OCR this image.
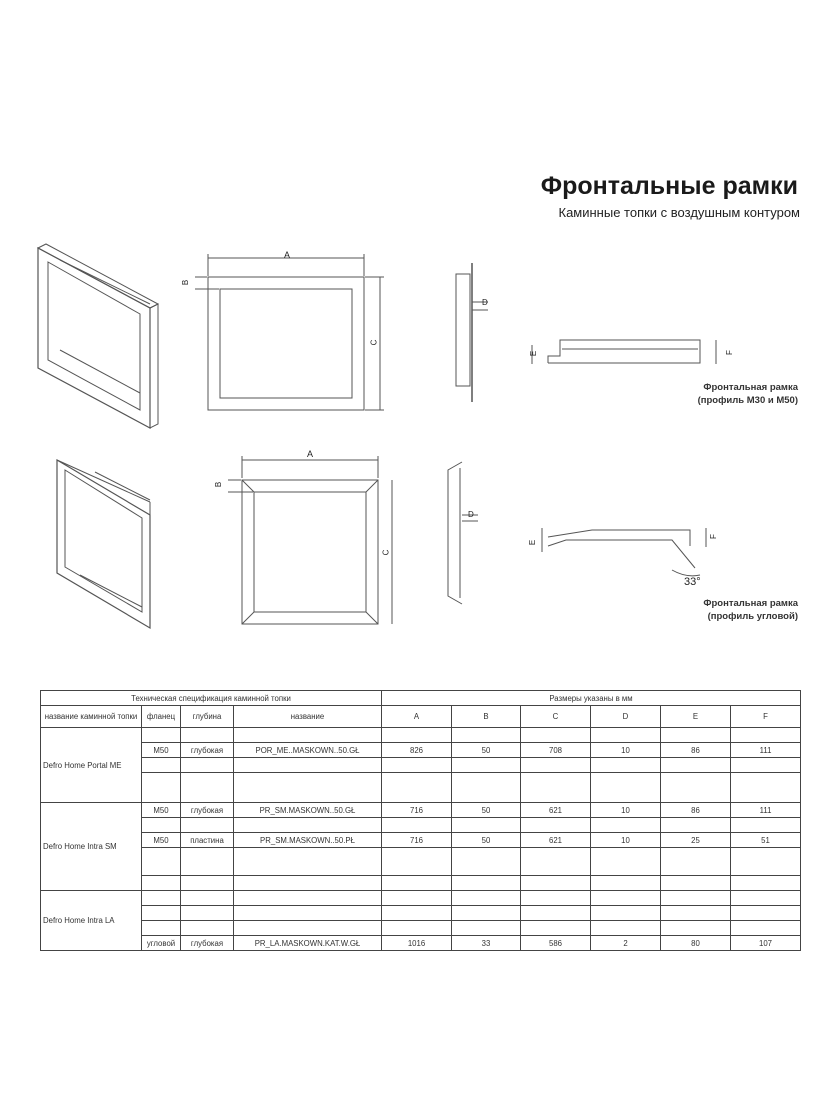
Фронтальные рамки
Каминные топки с воздушным контуром
A
B
C
D
E	F
A
B
C
D
E
F
33°
Фронтальная рамка
(профиль М30 и М50)
Фронтальная рамка
(профиль угловой)
Техническая спецификация каминной топки				Размеры указаны в мм					
название каминной топки	фланец	глубина	название	A	B	C	D	E	F
Defro Home Portal ME									
	M50	глубокая	POR_ME..MASKOWN..50.GŁ	826	50	708	10	86	111

Defro Home Intra SM	M50	глубокая	PR_SM.MASKOWN..50.GŁ	716	50	621	10	86	111

	M50	пластина	PR_SM.MASKOWN..50.PŁ	716	50	621	10	25	51

Defro Home Intra LA									

	угловой	глубокая	PR_LA.MASKOWN.KAT.W.GŁ	1016	33	586	2	80	107
